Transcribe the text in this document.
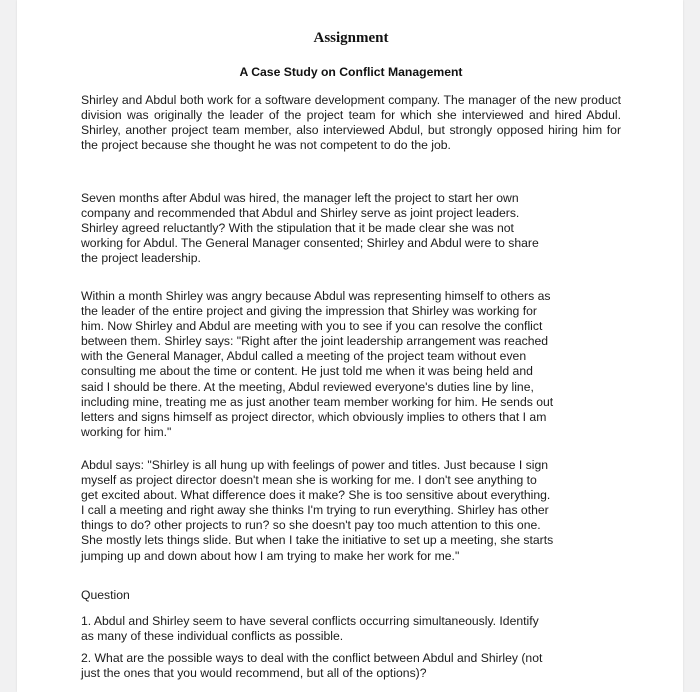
Assignment
A Case Study on Conflict Management

Shirley and Abdul both work for a software development company. The manager of the new product division was originally the leader of the project team for which she interviewed and hired Abdul. Shirley, another project team member, also interviewed Abdul, but strongly opposed hiring him for the project because she thought he was not competent to do the job.

Seven months after Abdul was hired, the manager left the project to start her own
company and recommended that Abdul and Shirley serve as joint project leaders.
Shirley agreed reluctantly? With the stipulation that it be made clear she was not
working for Abdul. The General Manager consented; Shirley and Abdul were to share
the project leadership.

Within a month Shirley was angry because Abdul was representing himself to others as
the leader of the entire project and giving the impression that Shirley was working for
him. Now Shirley and Abdul are meeting with you to see if you can resolve the conflict
between them. Shirley says: "Right after the joint leadership arrangement was reached
with the General Manager, Abdul called a meeting of the project team without even
consulting me about the time or content. He just told me when it was being held and
said I should be there. At the meeting, Abdul reviewed everyone's duties line by line,
including mine, treating me as just another team member working for him. He sends out
letters and signs himself as project director, which obviously implies to others that I am
working for him."

Abdul says: "Shirley is all hung up with feelings of power and titles. Just because I sign
myself as project director doesn't mean she is working for me. I don't see anything to
get excited about. What difference does it make? She is too sensitive about everything.
I call a meeting and right away she thinks I'm trying to run everything. Shirley has other
things to do? other projects to run? so she doesn't pay too much attention to this one.
She mostly lets things slide. But when I take the initiative to set up a meeting, she starts
jumping up and down about how I am trying to make her work for me."

Question

1. Abdul and Shirley seem to have several conflicts occurring simultaneously. Identify
as many of these individual conflicts as possible.

2. What are the possible ways to deal with the conflict between Abdul and Shirley (not
just the ones that you would recommend, but all of the options)?
